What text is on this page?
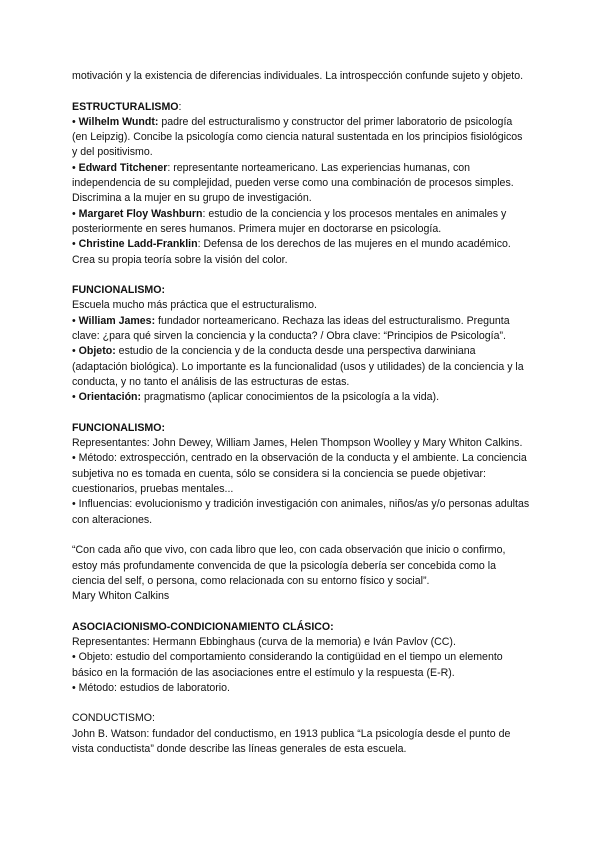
motivación y la existencia de diferencias individuales. La introspección confunde sujeto y objeto.

ESTRUCTURALISMO:

• Wilhelm Wundt: padre del estructuralismo y constructor del primer laboratorio de psicología (en Leipzig). Concibe la psicología como ciencia natural sustentada en los principios fisiológicos y del positivismo.

• Edward Titchener: representante norteamericano. Las experiencias humanas, con independencia de su complejidad, pueden verse como una combinación de procesos simples. Discrimina a la mujer en su grupo de investigación.

• Margaret Floy Washburn: estudio de la conciencia y los procesos mentales en animales y posteriormente en seres humanos. Primera mujer en doctorarse en psicología.

• Christine Ladd-Franklin: Defensa de los derechos de las mujeres en el mundo académico. Crea su propia teoría sobre la visión del color.

FUNCIONALISMO:

Escuela mucho más práctica que el estructuralismo.

• William James: fundador norteamericano. Rechaza las ideas del estructuralismo. Pregunta clave: ¿para qué sirven la conciencia y la conducta? / Obra clave: “Principios de Psicología”.

• Objeto: estudio de la conciencia y de la conducta desde una perspectiva darwiniana (adaptación biológica). Lo importante es la funcionalidad (usos y utilidades) de la conciencia y la conducta, y no tanto el análisis de las estructuras de estas.

• Orientación: pragmatismo (aplicar conocimientos de la psicología a la vida).

FUNCIONALISMO:

Representantes: John Dewey, William James, Helen Thompson Woolley y Mary Whiton Calkins.

• Método: extrospección, centrado en la observación de la conducta y el ambiente. La conciencia subjetiva no es tomada en cuenta, sólo se considera si la conciencia se puede objetivar: cuestionarios, pruebas mentales...

• Influencias: evolucionismo y tradición investigación con animales, niños/as y/o personas adultas con alteraciones.

“Con cada año que vivo, con cada libro que leo, con cada observación que inicio o confirmo, estoy más profundamente convencida de que la psicología debería ser concebida como la ciencia del self, o persona, como relacionada con su entorno físico y social”.

Mary Whiton Calkins

ASOCIACIONISMO-CONDICIONAMIENTO CLÁSICO:

Representantes: Hermann Ebbinghaus (curva de la memoria) e Iván Pavlov (CC).

• Objeto: estudio del comportamiento considerando la contigüidad en el tiempo un elemento básico en la formación de las asociaciones entre el estímulo y la respuesta (E-R).

• Método: estudios de laboratorio.

CONDUCTISMO:

John B. Watson: fundador del conductismo, en 1913 publica “La psicología desde el punto de vista conductista” donde describe las líneas generales de esta escuela.
